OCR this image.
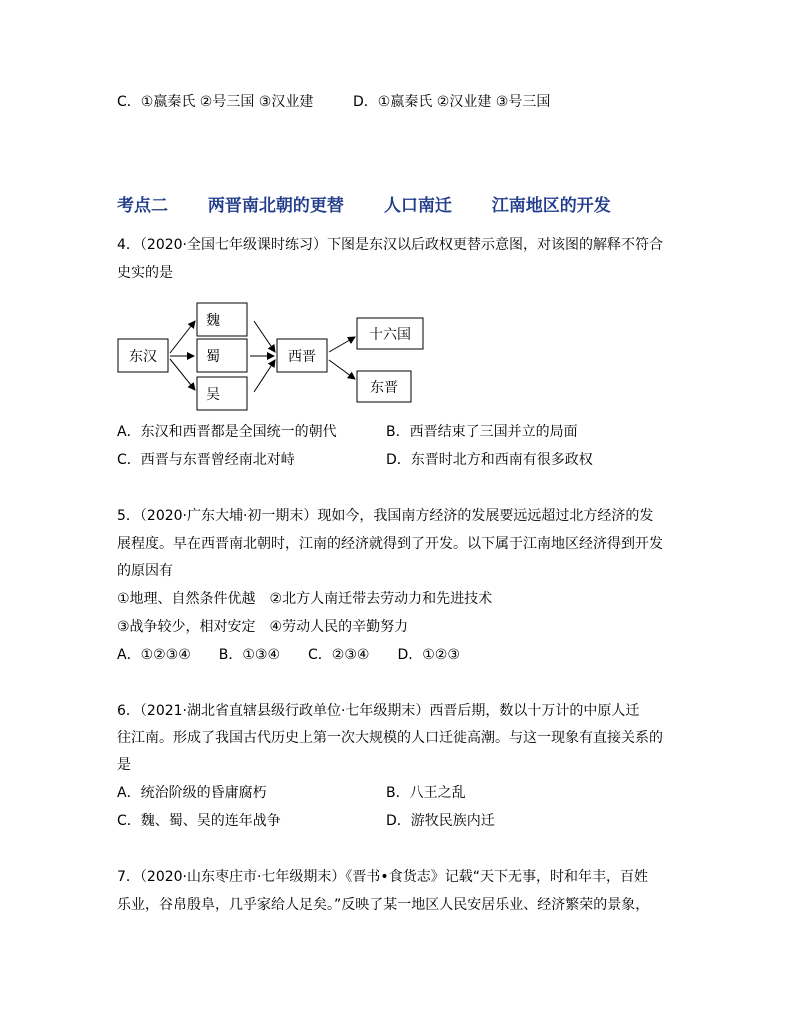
C．①嬴秦氏 ②号三国 ③汉业建	D．①嬴秦氏 ②汉业建 ③号三国
考点二 两晋南北朝的更替 人口南迁 江南地区的开发
4．（2020·全国七年级课时练习）下图是东汉以后政权更替示意图，对该图的解释不符合
史实的是
东汉
魏
蜀
吴
西晋
十六国
东晋
A．东汉和西晋都是全国统一的朝代	B．西晋结束了三国并立的局面
C．西晋与东晋曾经南北对峙	D．东晋时北方和西南有很多政权
5．（2020·广东大埔·初一期末）现如今，我国南方经济的发展要远远超过北方经济的发
展程度。早在西晋南北朝时，江南的经济就得到了开发。以下属于江南地区经济得到开发
的原因有
①地理、自然条件优越　②北方人南迁带去劳动力和先进技术
③战争较少，相对安定　④劳动人民的辛勤努力
A．①②③④　　B．①③④　　C．②③④　　D．①②③
6．（2021·湖北省直辖县级行政单位·七年级期末）西晋后期，数以十万计的中原人迁
往江南。形成了我国古代历史上第一次大规模的人口迁徙高潮。与这一现象有直接关系的
是
A．统治阶级的昏庸腐朽	B．八王之乱
C．魏、蜀、吴的连年战争	D．游牧民族内迁
7．（2020·山东枣庄市·七年级期末）《晋书•食货志》记载“天下无事，时和年丰，百姓
乐业，谷帛殷阜，几乎家给人足矣。”反映了某一地区人民安居乐业、经济繁荣的景象，
